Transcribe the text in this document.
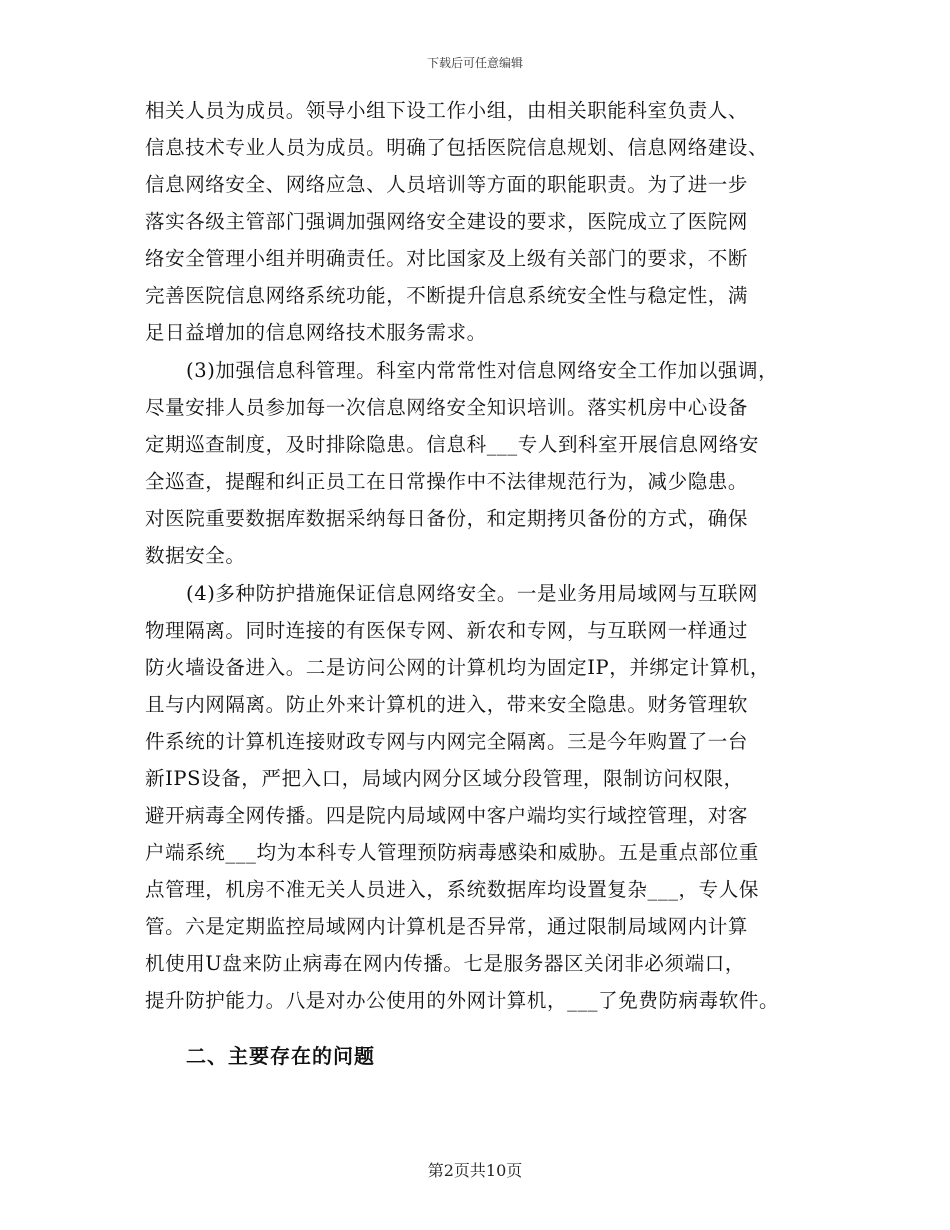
下载后可任意编辑
相关人员为成员。领导小组下设工作小组，由相关职能科室负责人、
信息技术专业人员为成员。明确了包括医院信息规划、信息网络建设、
信息网络安全、网络应急、人员培训等方面的职能职责。为了进一步
落实各级主管部门强调加强网络安全建设的要求，医院成立了医院网
络安全管理小组并明确责任。对比国家及上级有关部门的要求，不断
完善医院信息网络系统功能，不断提升信息系统安全性与稳定性，满
足日益增加的信息网络技术服务需求。
(3)加强信息科管理。科室内常常性对信息网络安全工作加以强调，
尽量安排人员参加每一次信息网络安全知识培训。落实机房中心设备
定期巡查制度，及时排除隐患。信息科___专人到科室开展信息网络安
全巡查，提醒和纠正员工在日常操作中不法律规范行为，减少隐患。
对医院重要数据库数据采纳每日备份，和定期拷贝备份的方式，确保
数据安全。
(4)多种防护措施保证信息网络安全。一是业务用局域网与互联网
物理隔离。同时连接的有医保专网、新农和专网，与互联网一样通过
防火墙设备进入。二是访问公网的计算机均为固定IP，并绑定计算机，
且与内网隔离。防止外来计算机的进入，带来安全隐患。财务管理软
件系统的计算机连接财政专网与内网完全隔离。三是今年购置了一台
新IPS设备，严把入口，局域内网分区域分段管理，限制访问权限，
避开病毒全网传播。四是院内局域网中客户端均实行域控管理，对客
户端系统___均为本科专人管理预防病毒感染和威胁。五是重点部位重
点管理，机房不准无关人员进入，系统数据库均设置复杂___，专人保
管。六是定期监控局域网内计算机是否异常，通过限制局域网内计算
机使用U盘来防止病毒在网内传播。七是服务器区关闭非必须端口，
提升防护能力。八是对办公使用的外网计算机，___了免费防病毒软件。
二、主要存在的问题
第2页共10页
